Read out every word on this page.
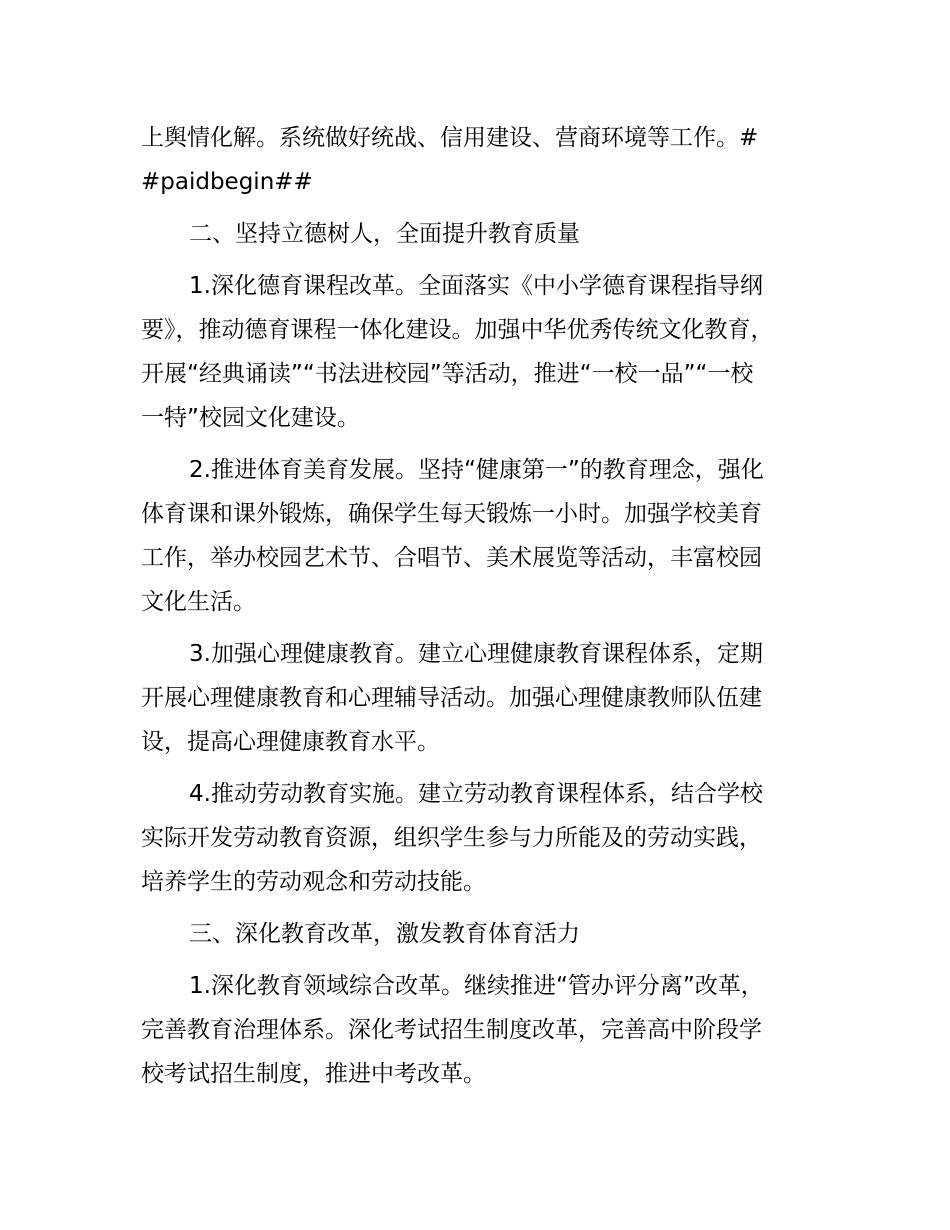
上舆情化解。系统做好统战、信用建设、营商环境等工作。#
#paidbegin##

二、坚持立德树人，全面提升教育质量

1.深化德育课程改革。全面落实《中小学德育课程指导纲
要》，推动德育课程一体化建设。加强中华优秀传统文化教育，
开展“经典诵读”“书法进校园”等活动，推进“一校一品”“一校
一特”校园文化建设。

2.推进体育美育发展。坚持“健康第一”的教育理念，强化
体育课和课外锻炼，确保学生每天锻炼一小时。加强学校美育
工作，举办校园艺术节、合唱节、美术展览等活动，丰富校园
文化生活。

3.加强心理健康教育。建立心理健康教育课程体系，定期
开展心理健康教育和心理辅导活动。加强心理健康教师队伍建
设，提高心理健康教育水平。

4.推动劳动教育实施。建立劳动教育课程体系，结合学校
实际开发劳动教育资源，组织学生参与力所能及的劳动实践，
培养学生的劳动观念和劳动技能。

三、深化教育改革，激发教育体育活力

1.深化教育领域综合改革。继续推进“管办评分离”改革，
完善教育治理体系。深化考试招生制度改革，完善高中阶段学
校考试招生制度，推进中考改革。
